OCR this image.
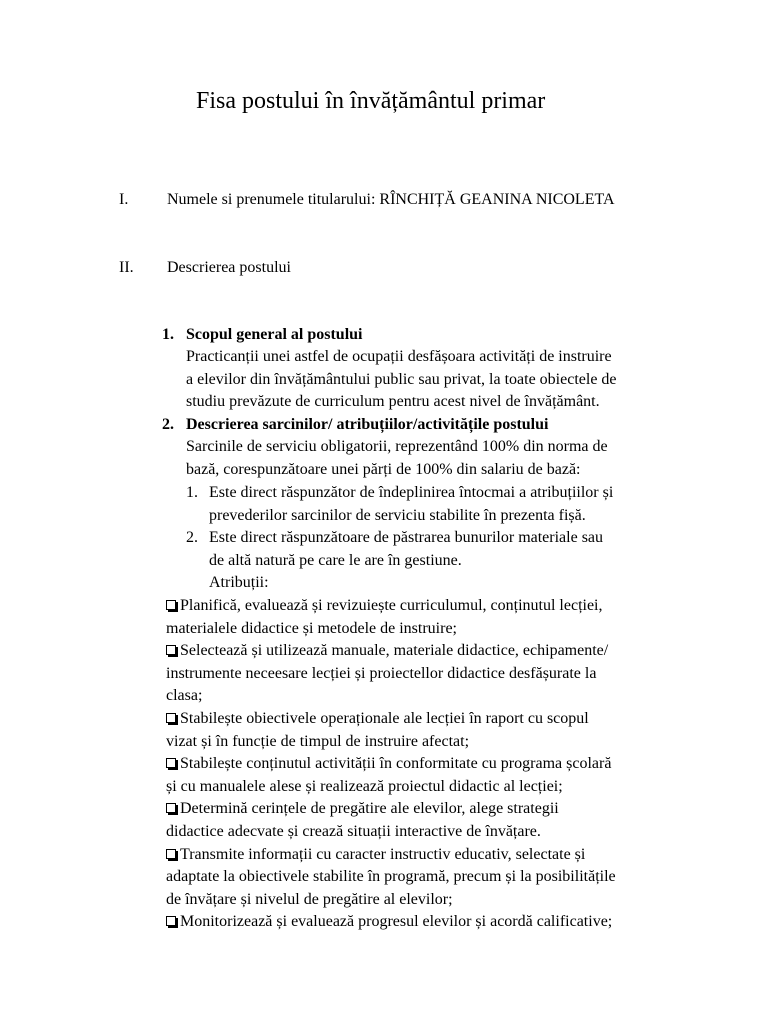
Fisa postului în învățământul primar
I. Numele si prenumele titularului: RÎNCHIȚĂ GEANINA NICOLETA
II. Descrierea postului
1. Scopul general al postului
Practicanții unei astfel de ocupații desfășoara activități de instruire
a elevilor din învățământului public sau privat, la toate obiectele de
studiu prevăzute de curriculum pentru acest nivel de învățământ.
2. Descrierea sarcinilor/ atribuțiilor/activitățile postului
Sarcinile de serviciu obligatorii, reprezentând 100% din norma de
bază, corespunzătoare unei părți de 100% din salariu de bază:
1. Este direct răspunzător de îndeplinirea întocmai a atribuțiilor și
prevederilor sarcinilor de serviciu stabilite în prezenta fișă.
2. Este direct răspunzătoare de păstrarea bunurilor materiale sau
de altă natură pe care le are în gestiune.
Atribuții:
Planifică, evaluează și revizuiește curriculumul, conținutul lecției,
materialele didactice și metodele de instruire;
Selectează și utilizează manuale, materiale didactice, echipamente/
instrumente neceesare lecției și proiectellor didactice desfășurate la
clasa;
Stabilește obiectivele operaționale ale lecției în raport cu scopul
vizat și în funcție de timpul de instruire afectat;
Stabilește conținutul activității în conformitate cu programa școlară
și cu manualele alese și realizează proiectul didactic al lecției;
Determină cerințele de pregătire ale elevilor, alege strategii
didactice adecvate și crează situații interactive de învățare.
Transmite informații cu caracter instructiv educativ, selectate și
adaptate la obiectivele stabilite în programă, precum și la posibilitățile
de învățare și nivelul de pregătire al elevilor;
Monitorizează și evaluează progresul elevilor și acordă calificative;
